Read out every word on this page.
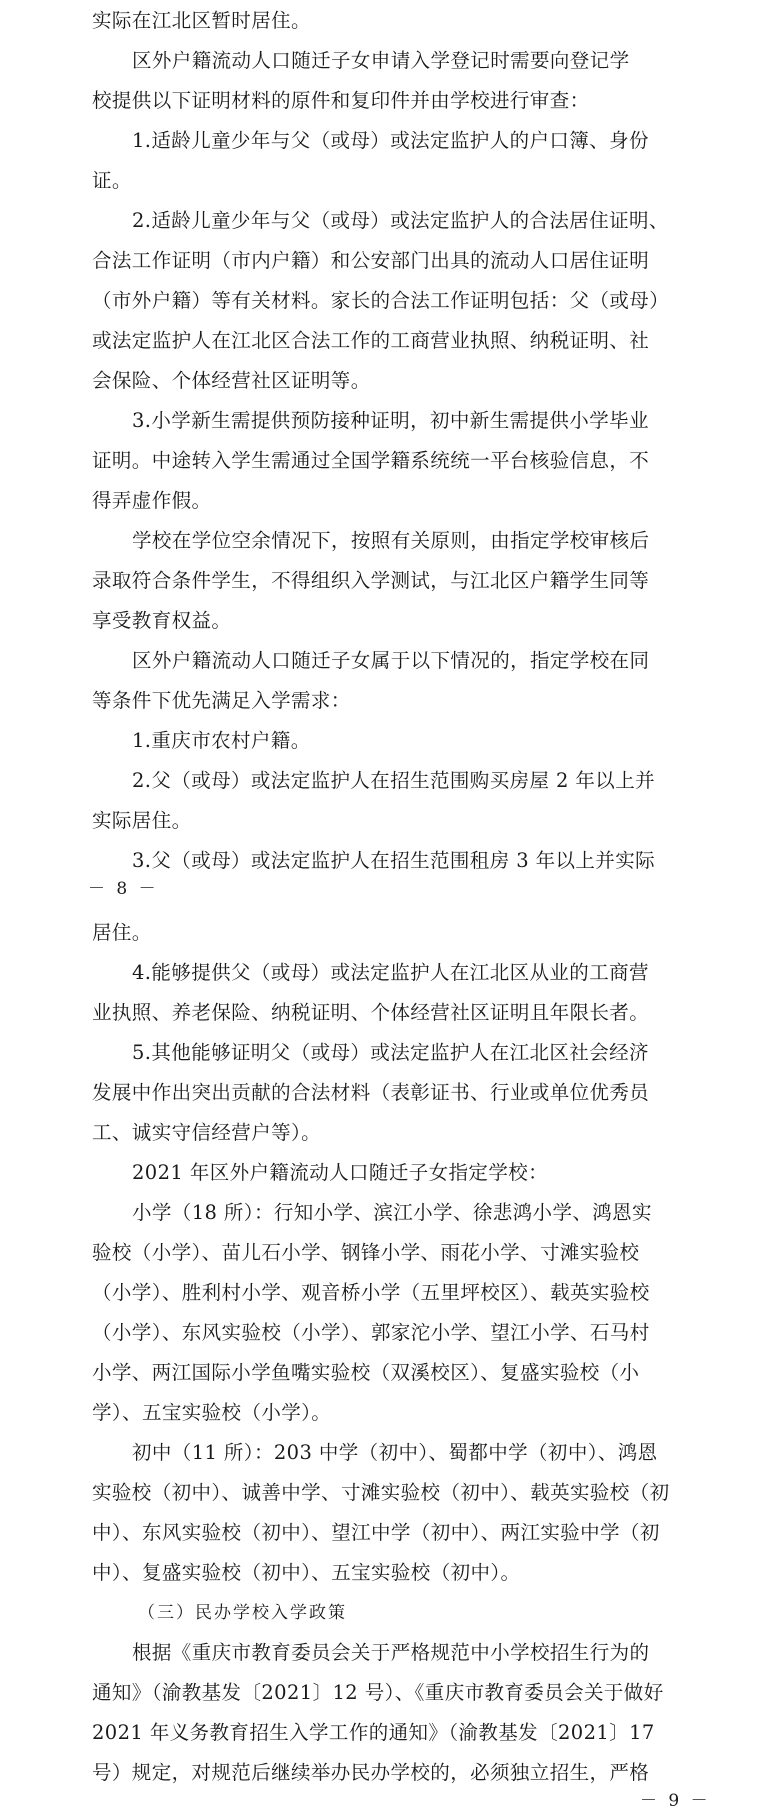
实际在江北区暂时居住。
区外户籍流动人口随迁子女申请入学登记时需要向登记学
校提供以下证明材料的原件和复印件并由学校进行审查：
1.适龄儿童少年与父（或母）或法定监护人的户口簿、身份
证。
2.适龄儿童少年与父（或母）或法定监护人的合法居住证明、
合法工作证明（市内户籍）和公安部门出具的流动人口居住证明
（市外户籍）等有关材料。家长的合法工作证明包括：父（或母）
或法定监护人在江北区合法工作的工商营业执照、纳税证明、社
会保险、个体经营社区证明等。
3.小学新生需提供预防接种证明，初中新生需提供小学毕业
证明。中途转入学生需通过全国学籍系统统一平台核验信息，不
得弄虚作假。
学校在学位空余情况下，按照有关原则，由指定学校审核后
录取符合条件学生，不得组织入学测试，与江北区户籍学生同等
享受教育权益。
区外户籍流动人口随迁子女属于以下情况的，指定学校在同
等条件下优先满足入学需求：
1.重庆市农村户籍。
2.父（或母）或法定监护人在招生范围购买房屋 2 年以上并
实际居住。
3.父（或母）或法定监护人在招生范围租房 3 年以上并实际
－ 8 －
居住。
4.能够提供父（或母）或法定监护人在江北区从业的工商营
业执照、养老保险、纳税证明、个体经营社区证明且年限长者。
5.其他能够证明父（或母）或法定监护人在江北区社会经济
发展中作出突出贡献的合法材料（表彰证书、行业或单位优秀员
工、诚实守信经营户等）。
2021 年区外户籍流动人口随迁子女指定学校：
小学（18 所）：行知小学、滨江小学、徐悲鸿小学、鸿恩实
验校（小学）、苗儿石小学、钢锋小学、雨花小学、寸滩实验校
（小学）、胜利村小学、观音桥小学（五里坪校区）、载英实验校
（小学）、东风实验校（小学）、郭家沱小学、望江小学、石马村
小学、两江国际小学鱼嘴实验校（双溪校区）、复盛实验校（小
学）、五宝实验校（小学）。
初中（11 所）：203 中学（初中）、蜀都中学（初中）、鸿恩
实验校（初中）、诚善中学、寸滩实验校（初中）、载英实验校（初
中）、东风实验校（初中）、望江中学（初中）、两江实验中学（初
中）、复盛实验校（初中）、五宝实验校（初中）。
（三）民办学校入学政策
根据《重庆市教育委员会关于严格规范中小学校招生行为的
通知》（渝教基发〔2021〕12 号）、《重庆市教育委员会关于做好
2021 年义务教育招生入学工作的通知》（渝教基发〔2021〕17
号）规定，对规范后继续举办民办学校的，必须独立招生，严格
－ 9 －
